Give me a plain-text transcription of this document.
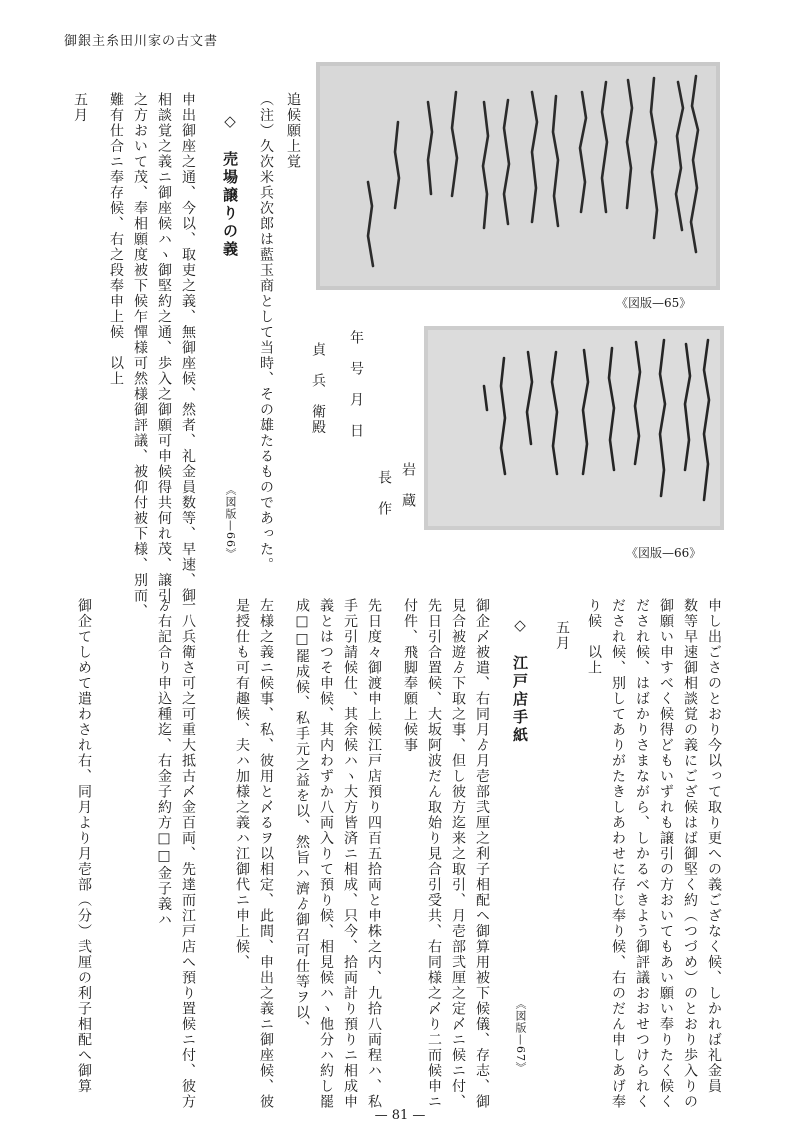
御銀主糸田川家の古文書
《図版—65》
《図版—66》
岩　蔵
長　作
年　号　月　日
貞　兵　衛殿
追候願上覚
（注）久次米兵次郎は藍玉商として当時、その雄たるものであった。
◇　売場譲りの義
《図版—66》
申出御座之通、今以、取吏之義、無御座候、然者、礼金員数等、早速、御
相談覚之義ニ御座候ハヽ御堅約之通、歩入之御願可申候得共何れ茂、譲引
之方おいて茂、奉相願度被下候乍憚様可然様御評議、被仰付被下様、別而、
難有仕合ニ奉存候、右之段奉申上候　以上
五月
申し出ごさのとおり今以って取り更への義ござなく候、しかれば礼金員
数等早速御相談覚の義にござ候はば御堅く約（つづめ）のとおり歩入りの
御願い申すべく候得どもいずれも譲引の方おいてもあい願い奉りたく候く
だされ候、はばかりさまながら、しかるべきよう御評議おおせつけられく
だされ候、別してありがたきしあわせに存じ奉り候、右のだん申しあげ奉
り候　以上
五月
◇　江戸店手紙
《図版—67》
御企〆被遣、右同月ゟ月壱部弐厘之利子相配ヘ御算用被下候儀、存志、御
見合被遊ゟ下取之事、但し彼方迄来之取引、月壱部弐厘之定〆ニ候ニ付、
先日引合置候、大坂阿波だん取始り見合引受共、右同様之〆り二而候申ニ
付件、飛脚奉願上候事
先日度々御渡申上候江戸店預り四百五拾両と申株之内、九拾八両程ハ、私
手元引請候仕、其余候ハヽ大方皆済ニ相成、只今、拾両計り預りニ相成申
義とはつそ申候、其内わずか八両入りて預り候、相見候ハヽ他分ハ約し罷
成□□罷成候、私手元之益を以、然旨ハ濟ゟ御召可仕等ヲ以、
左様之義ニ候事、私、彼用と〆るヲ以相定、此間、申出之義ニ御座候、彼
是授仕も可有趣候、夫ハ加様之義ハ江御代ニ申上候、
一八兵衛さ可之可重大抵古〆金百両、先達而江戸店へ預り置候ニ付、彼方
ゟ右記合り申込種迄、右金子約方□□金子義ハ
御企てしめて遣わされ右、同月より月壱部（分）弐厘の利子相配へ御算
— 81 —
